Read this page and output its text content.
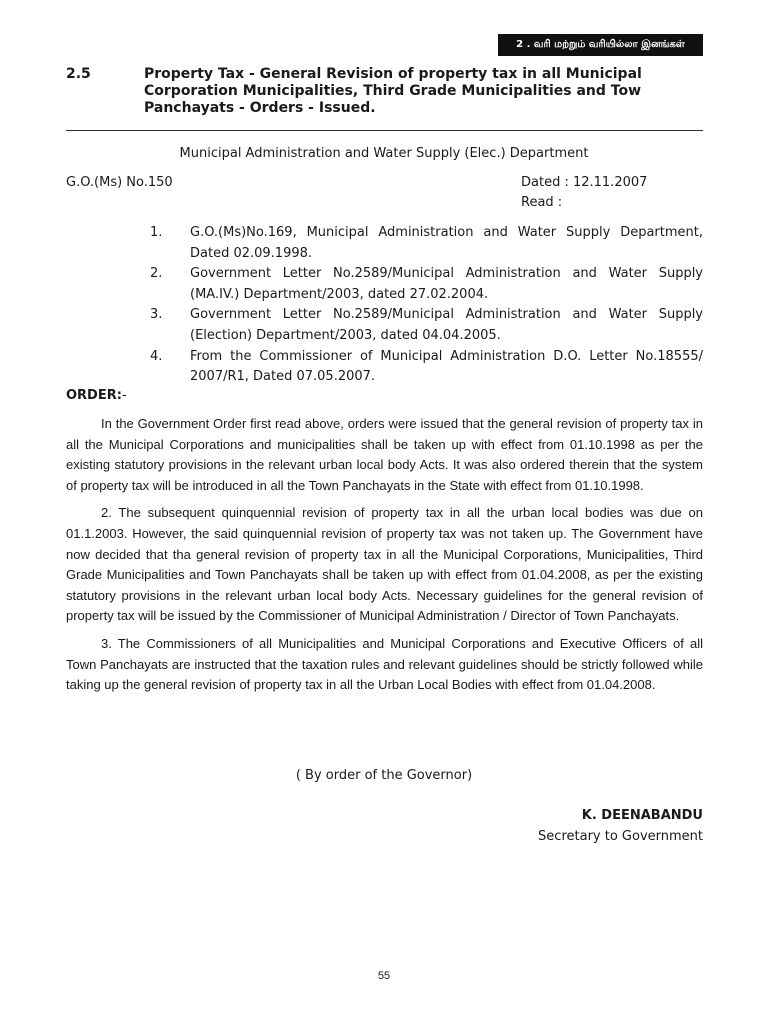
2 . வரி மற்றும் வரியில்லா இனங்கள்
2.5	Property Tax - General Revision of property tax in all Municipal Corporation Municipalities, Third Grade Municipalities and Tow Panchayats - Orders - Issued.
Municipal Administration and Water Supply (Elec.) Department
G.O.(Ms) No.150	Dated : 12.11.2007
Read :
1.	G.O.(Ms)No.169, Municipal Administration and Water Supply Department, Dated 02.09.1998.
2.	Government Letter No.2589/Municipal Administration and Water Supply (MA.IV.) Department/2003, dated 27.02.2004.
3.	Government Letter No.2589/Municipal Administration and Water Supply (Election) Department/2003, dated 04.04.2005.
4.	From the Commissioner of Municipal Administration D.O. Letter No.18555/ 2007/R1, Dated 07.05.2007.
ORDER:-

In the Government Order first read above, orders were issued that the general revision of property tax in all the Municipal Corporations and municipalities shall be taken up with effect from 01.10.1998 as per the existing statutory provisions in the relevant urban local body Acts. It was also ordered therein that the system of property tax will be introduced in all the Town Panchayats in the State with effect from 01.10.1998.

2. The subsequent quinquennial revision of property tax in all the urban local bodies was due on 01.1.2003. However, the said quinquennial revision of property tax was not taken up. The Government have now decided that tha general revision of property tax in all the Municipal Corporations, Municipalities, Third Grade Municipalities and Town Panchayats shall be taken up with effect from 01.04.2008, as per the existing statutory provisions in the relevant urban local body Acts. Necessary guidelines for the general revision of property tax will be issued by the Commissioner of Municipal Administration / Director of Town Panchayats.

3. The Commissioners of all Municipalities and Municipal Corporations and Executive Officers of all Town Panchayats are instructed that the taxation rules and relevant guidelines should be strictly followed while taking up the general revision of property tax in all the Urban Local Bodies with effect from 01.04.2008.

( By order of the Governor)
K. DEENABANDU
Secretary to Government
55
